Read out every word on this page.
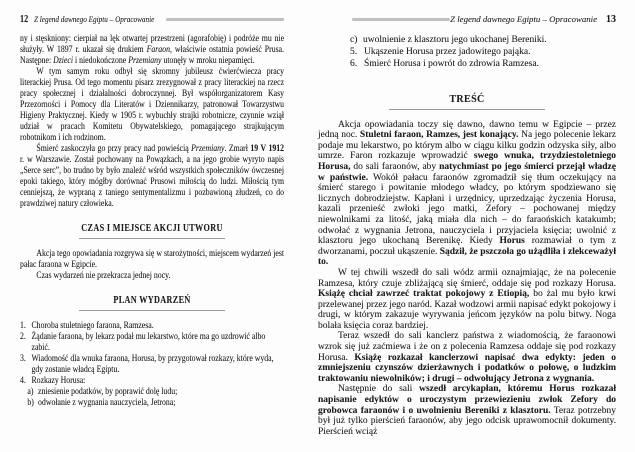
12 Z legend dawnego Egiptu – Opracowanie

ny i stęskniony: cierpiał na lęk otwartej przestrzeni (agorafobię) i podróże mu nie służyły. W 1897 r. ukazał się drukiem Faraon, właściwie ostatnia powieść Prusa. Następne: Dzieci i niedokończone Przemiany utonęły w mroku niepamięci.

W tym samym roku odbył się skromny jubileusz ćwierćwiecza pracy literackiej Prusa. Od tego momentu pisarz zrezygnował z pracy literackiej na rzecz pracy społecznej i działalności dobroczynnej. Był współorganizatorem Kasy Przezorności i Pomocy dla Literatów i Dziennikarzy, patronował Towarzystwu Higieny Praktycznej. Kiedy w 1905 r. wybuchły strajki robotnicze, czynnie wziął udział w pracach Komitetu Obywatelskiego, pomagającego strajkującym robotnikom i ich rodzinom.

Śmierć zaskoczyła go przy pracy nad powieścią Przemiany. Zmarł 19 V 1912 r. w Warszawie. Został pochowany na Powązkach, a na jego grobie wyryto napis „Serce serc”, bo trudno by było znaleźć wśród wszystkich społeczników ówczesnej epoki takiego, który mógłby dorównać Prusowi miłością do ludzi. Miłością tym cenniejszą, że wypraną z taniego sentymentalizmu i pozbawioną złudzeń, co do prawdziwej natury człowieka.

CZAS I MIEJSCE AKCJI UTWORU

Akcja tego opowiadania rozgrywa się w starożytności, miejscem wydarzeń jest pałac faraona w Egipcie.

Czas wydarzeń nie przekracza jednej nocy.

PLAN WYDARZEŃ
1. Choroba stuletniego faraona, Ramzesa.
2. Żądanie faraona, by lekarz podał mu lekarstwo, które ma go uzdrowić albo zabić.
3. Wiadomość dla wnuka faraona, Horusa, by przygotował rozkazy, które wyda, gdy zostanie władcą Egiptu.
4. Rozkazy Horusa:
a) zniesienie podatków, by poprawić dolę ludu;
b) odwołanie z wygnania nauczyciela, Jetrona;
Z legend dawnego Egiptu – Opracowanie 13
c) uwolnienie z klasztoru jego ukochanej Bereniki.
5. Ukąszenie Horusa przez jadowitego pająka.
6. Śmierć Horusa i powrót do zdrowia Ramzesa.
TREŚĆ

Akcja opowiadania toczy się dawno, dawno temu w Egipcie – przez jedną noc. Stuletni faraon, Ramzes, jest konający. Na jego polecenie lekarz podaje mu lekarstwo, po którym albo w ciągu kilku godzin odzyska siły, albo umrze. Faron rozkazuje wprowadzić swego wnuka, trzydziestoletniego Horusa, do sali faraonów, aby natychmiast po jego śmierci przejął władzę w państwie. Wokół pałacu faraonów zgromadził się tłum oczekujący na śmierć starego i powitanie młodego władcy, po którym spodziewano się licznych dobrodziejstw. Kapłani i urzędnicy, uprzedzając życzenia Horusa, kazali przenieść zwłoki jego matki, Zefory – pochowanej między niewolnikami za litość, jaką miała dla nich – do faraońskich katakumb; odwołać z wygnania Jetrona, nauczyciela i przyjaciela księcia; uwolnić z klasztoru jego ukochaną Berenikę. Kiedy Horus rozmawiał o tym z dworzanami, poczuł ukąszenie. Sądził, że pszczoła go użądliła i zlekceważył to.

W tej chwili wszedł do sali wódz armii oznajmiając, że na polecenie Ramzesa, który czuje zbliżającą się śmierć, oddaje się pod rozkazy Horusa. Książę chciał zawrzeć traktat pokojowy z Etiopią, bo żal mu było krwi przelewanej przez jego naród. Kazał wodzowi armii napisać edykt pokojowy i drugi, w którym zakazuje wyrywania jeńcom języków na polu bitwy. Noga bolała księcia coraz bardziej.

Teraz wszedł do sali kanclerz państwa z wiadomością, że faraonowi wzrok się już zaćmiewa i że on z polecenia Ramzesa oddaje się pod rozkazy Horusa. Książę rozkazał kanclerzowi napisać dwa edykty: jeden o zmniejszeniu czynszów dzierżawnych i podatków o połowę, o ludzkim traktowaniu niewolników; i drugi – odwołujący Jetrona z wygnania.

Następnie do sali wszedł arcykapłan, któremu Horus rozkazał napisanie edyktów o uroczystym przewiezieniu zwłok Zefory do grobowca faraonów i o uwolnieniu Bereniki z klasztoru. Teraz potrzebny był już tylko pierścień faraonów, aby jego odcisk uprawomocnił dokumenty. Pierścień wciąż
